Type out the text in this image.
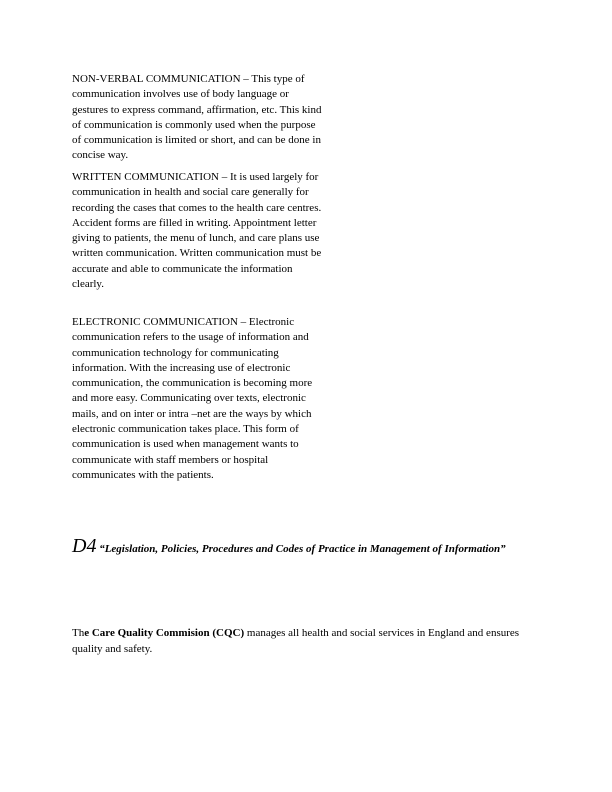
NON-VERBAL COMMUNICATION – This type of communication involves use of body language or gestures to express command, affirmation, etc. This kind of communication is commonly used when the purpose of communication is limited or short, and can be done in concise way.

WRITTEN COMMUNICATION – It is used largely for communication in health and social care generally for recording the cases that comes to the health care centres. Accident forms are filled in writing. Appointment letter giving to patients, the menu of lunch, and care plans use written communication. Written communication must be accurate and able to communicate the information clearly.

ELECTRONIC COMMUNICATION – Electronic communication refers to the usage of information and communication technology for communicating information. With the increasing use of electronic communication, the communication is becoming more and more easy. Communicating over texts, electronic mails, and on inter or intra –net are the ways by which electronic communication takes place. This form of communication is used when management wants to communicate with staff members or hospital communicates with the patients.

D4 “Legislation, Policies, Procedures and Codes of Practice in Management of Information”
The Care Quality Commision (CQC) manages all health and social services in England and ensures quality and safety.
